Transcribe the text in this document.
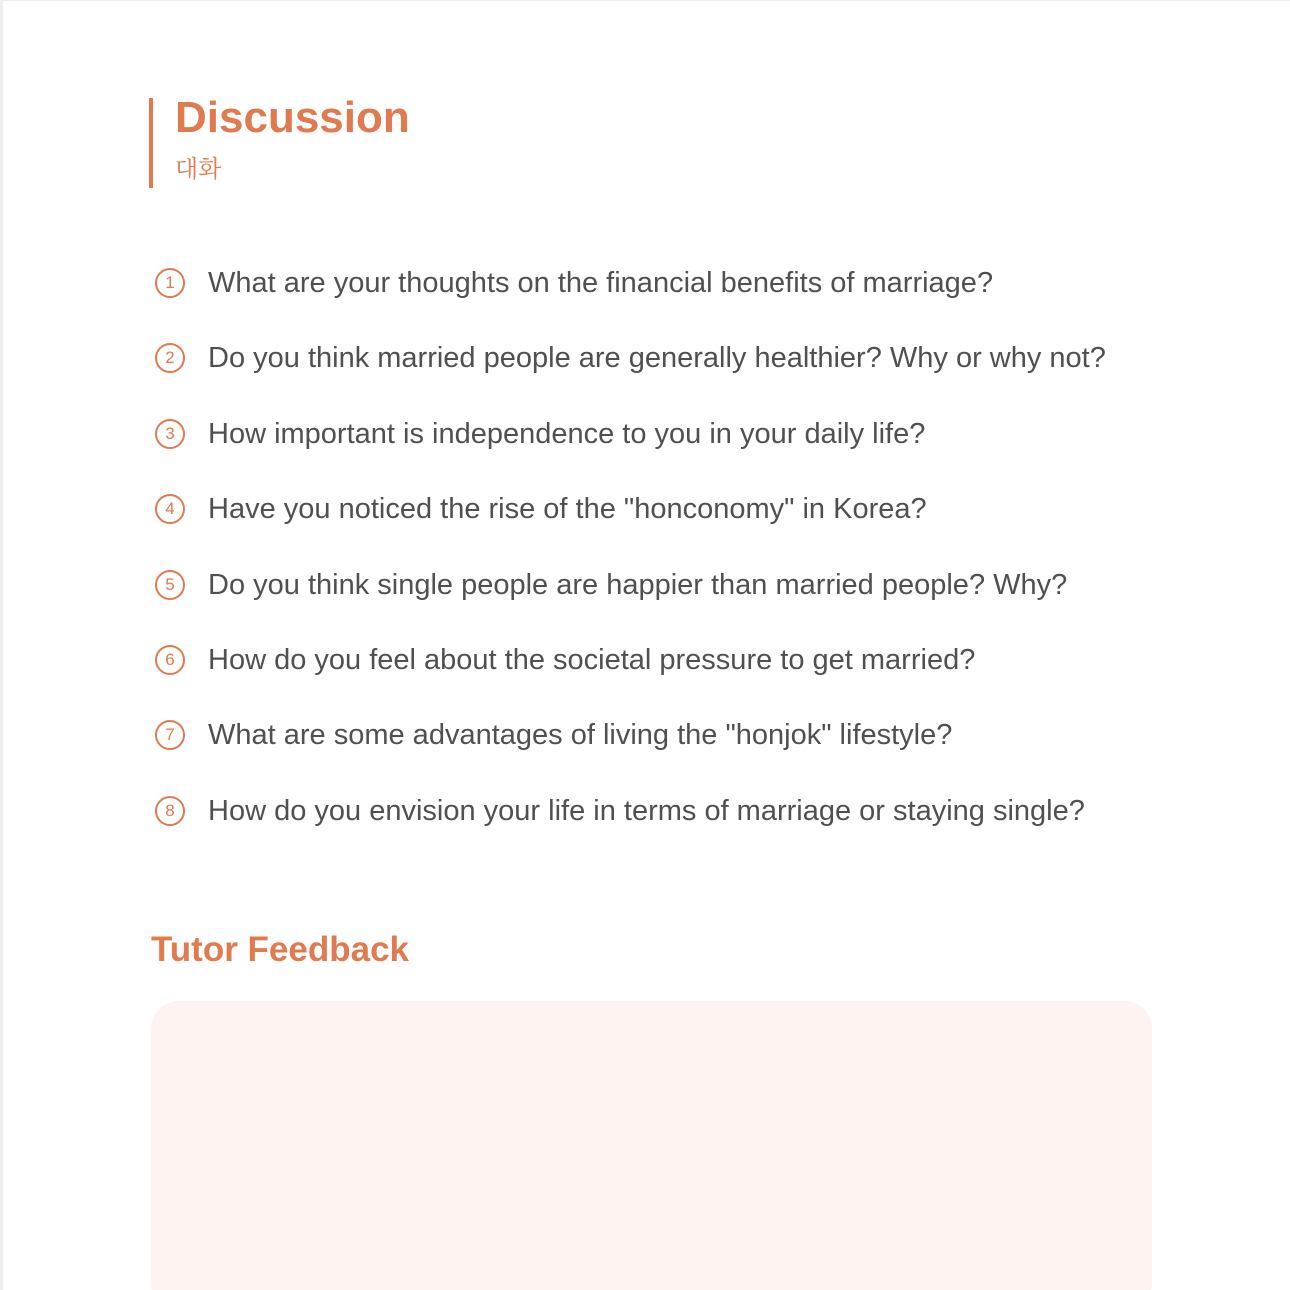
Discussion
대화
1	What are your thoughts on the financial benefits of marriage?
2	Do you think married people are generally healthier? Why or why not?
3	How important is independence to you in your daily life?
4	Have you noticed the rise of the "honconomy" in Korea?
5	Do you think single people are happier than married people? Why?
6	How do you feel about the societal pressure to get married?
7	What are some advantages of living the "honjok" lifestyle?
8	How do you envision your life in terms of marriage or staying single?
Tutor Feedback
